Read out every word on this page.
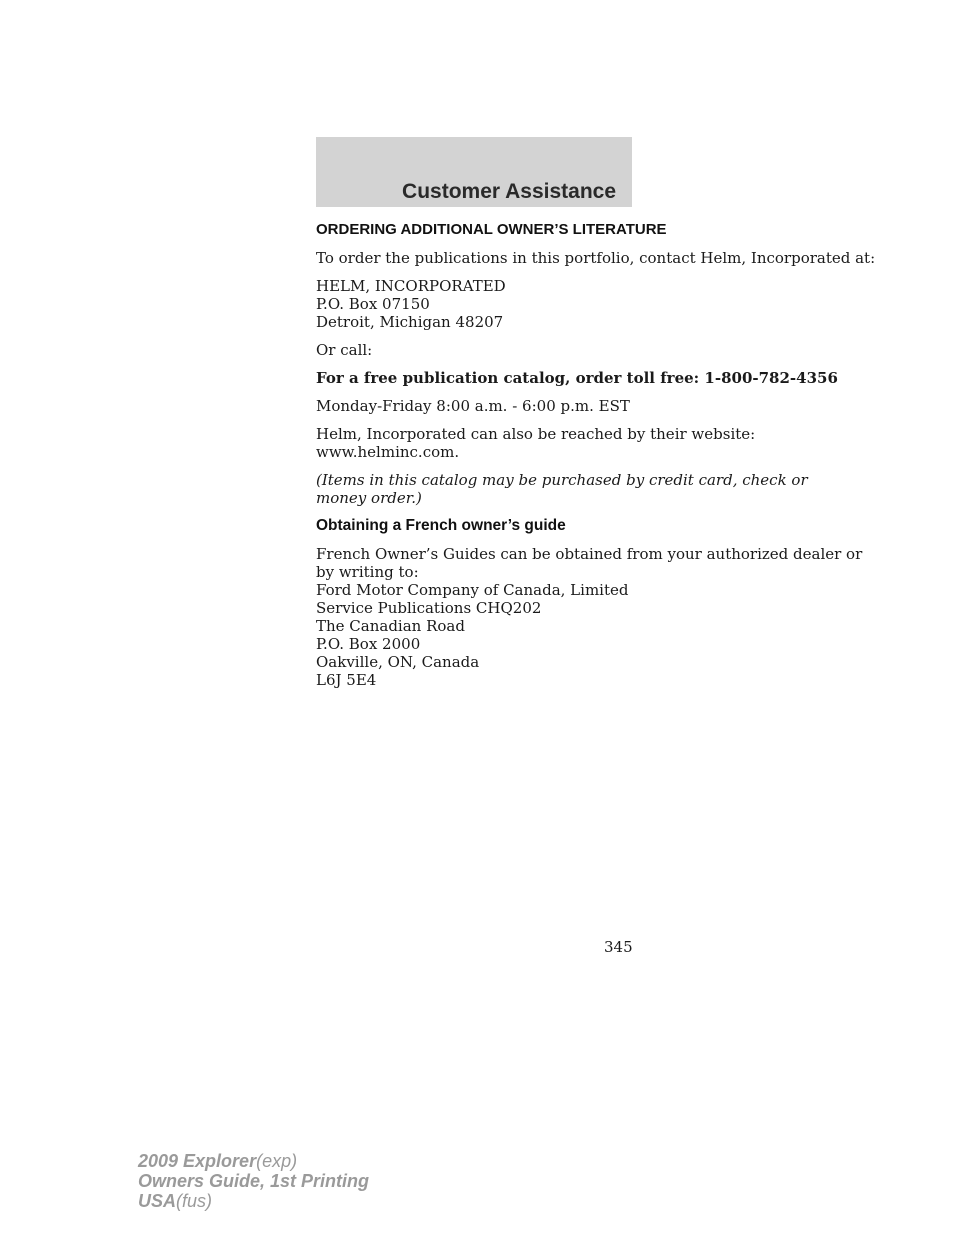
Customer Assistance
ORDERING ADDITIONAL OWNER’S LITERATURE

To order the publications in this portfolio, contact Helm, Incorporated at:

HELM, INCORPORATED
P.O. Box 07150
Detroit, Michigan 48207

Or call:

For a free publication catalog, order toll free: 1-800-782-4356

Monday-Friday 8:00 a.m. - 6:00 p.m. EST

Helm, Incorporated can also be reached by their website:
www.helminc.com.

(Items in this catalog may be purchased by credit card, check or
money order.)

Obtaining a French owner’s guide

French Owner’s Guides can be obtained from your authorized dealer or
by writing to:
Ford Motor Company of Canada, Limited
Service Publications CHQ202
The Canadian Road
P.O. Box 2000
Oakville, ON, Canada
L6J 5E4

345
2009 Explorer(exp)
Owners Guide, 1st Printing
USA(fus)
